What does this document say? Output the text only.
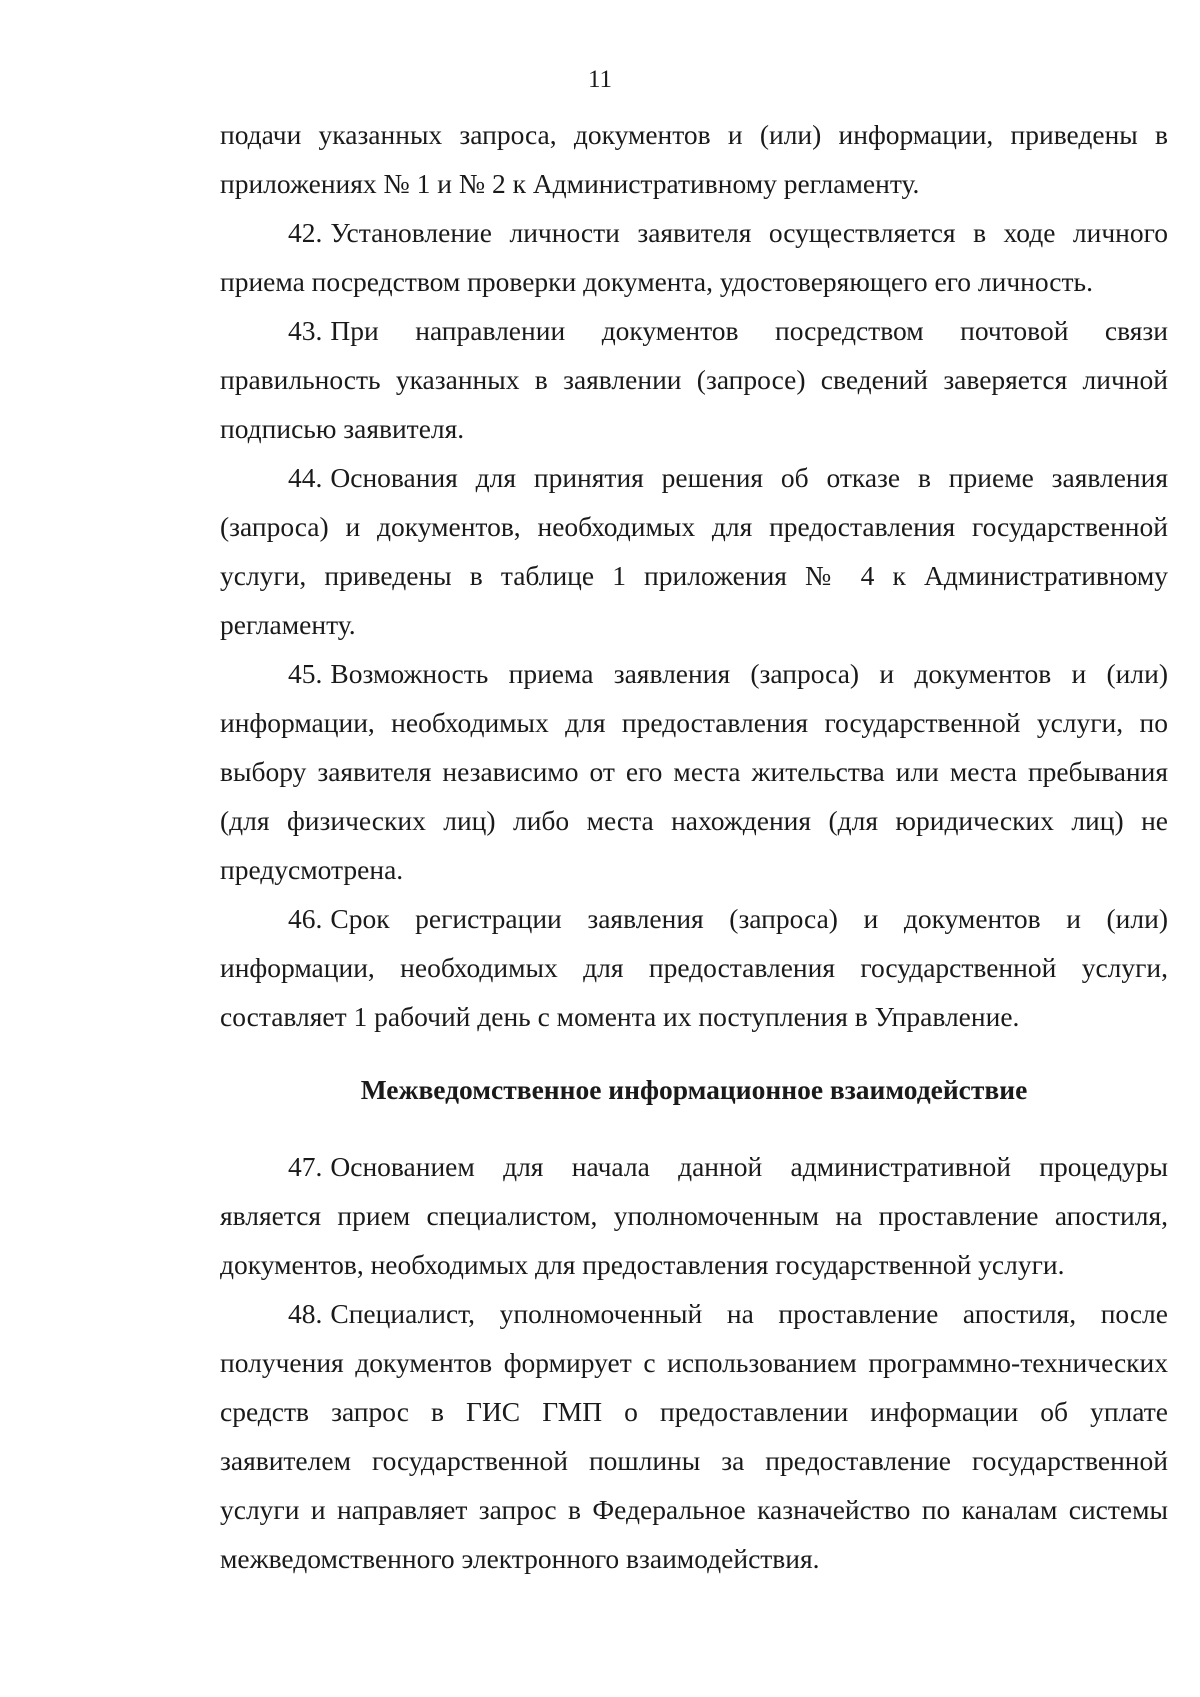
11

подачи указанных запроса, документов и (или) информации, приведены в приложениях № 1 и № 2 к Административному регламенту.

42. Установление личности заявителя осуществляется в ходе личного приема посредством проверки документа, удостоверяющего его личность.

43. При направлении документов посредством почтовой связи правильность указанных в заявлении (запросе) сведений заверяется личной подписью заявителя.

44. Основания для принятия решения об отказе в приеме заявления (запроса) и документов, необходимых для предоставления государственной услуги, приведены в таблице 1 приложения № 4 к Административному регламенту.

45. Возможность приема заявления (запроса) и документов и (или) информации, необходимых для предоставления государственной услуги, по выбору заявителя независимо от его места жительства или места пребывания (для физических лиц) либо места нахождения (для юридических лиц) не предусмотрена.

46. Срок регистрации заявления (запроса) и документов и (или) информации, необходимых для предоставления государственной услуги, составляет 1 рабочий день с момента их поступления в Управление.

Межведомственное информационное взаимодействие

47. Основанием для начала данной административной процедуры является прием специалистом, уполномоченным на проставление апостиля, документов, необходимых для предоставления государственной услуги.

48. Специалист, уполномоченный на проставление апостиля, после получения документов формирует с использованием программно-технических средств запрос в ГИС ГМП о предоставлении информации об уплате заявителем государственной пошлины за предоставление государственной услуги и направляет запрос в Федеральное казначейство по каналам системы межведомственного электронного взаимодействия.
